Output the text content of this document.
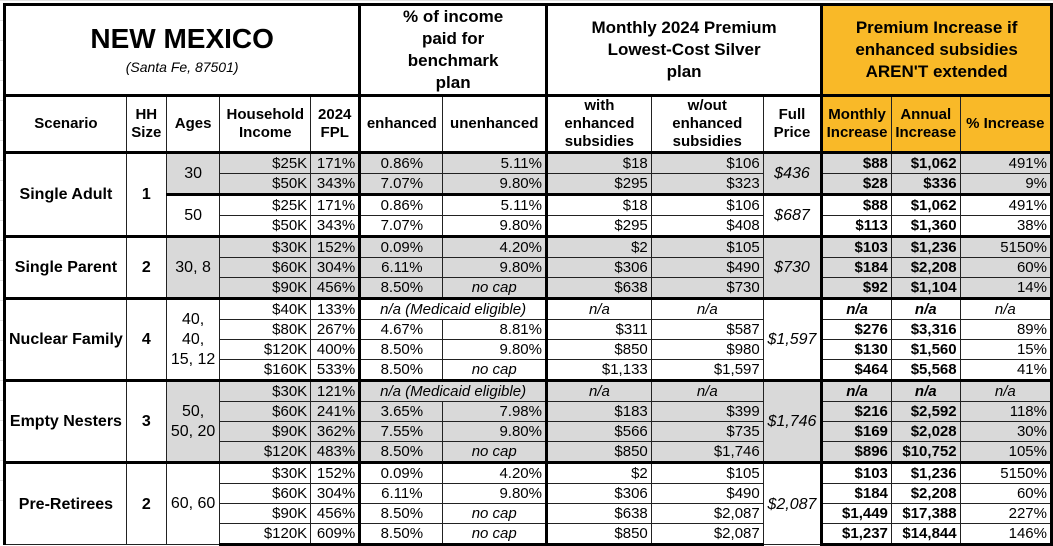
NEW MEXICO
(Santa Fe, 87501)					% of income paid for benchmark plan		Monthly 2024 Premium Lowest-Cost Silver plan			Premium Increase if enhanced subsidies AREN'T extended		
Scenario	HH Size	Ages	Household Income	2024 FPL	enhanced	unenhanced	with enhanced subsidies	w/out enhanced subsidies	Full Price	Monthly Increase	Annual Increase	% Increase
Single Adult	1	30	$25K	171%	0.86%	5.11%	$18	$106	$436	$88	$1,062	491%
			$50K	343%	7.07%	9.80%	$295	$323		$28	$336	9%
		50	$25K	171%	0.86%	5.11%	$18	$106	$687	$88	$1,062	491%
			$50K	343%	7.07%	9.80%	$295	$408		$113	$1,360	38%
Single Parent	2	30, 8	$30K	152%	0.09%	4.20%	$2	$105	$730	$103	$1,236	5150%
			$60K	304%	6.11%	9.80%	$306	$490		$184	$2,208	60%
			$90K	456%	8.50%	no cap	$638	$730		$92	$1,104	14%
Nuclear Family	4	40, 40, 15, 12	$40K	133%	n/a (Medicaid eligible)		n/a	n/a	$1,597	n/a	n/a	n/a
			$80K	267%	4.67%	8.81%	$311	$587		$276	$3,316	89%
			$120K	400%	8.50%	9.80%	$850	$980		$130	$1,560	15%
			$160K	533%	8.50%	no cap	$1,133	$1,597		$464	$5,568	41%
Empty Nesters	3	50, 50, 20	$30K	121%	n/a (Medicaid eligible)		n/a	n/a	$1,746	n/a	n/a	n/a
			$60K	241%	3.65%	7.98%	$183	$399		$216	$2,592	118%
			$90K	362%	7.55%	9.80%	$566	$735		$169	$2,028	30%
			$120K	483%	8.50%	no cap	$850	$1,746		$896	$10,752	105%
Pre-Retirees	2	60, 60	$30K	152%	0.09%	4.20%	$2	$105	$2,087	$103	$1,236	5150%
			$60K	304%	6.11%	9.80%	$306	$490		$184	$2,208	60%
			$90K	456%	8.50%	no cap	$638	$2,087		$1,449	$17,388	227%
			$120K	609%	8.50%	no cap	$850	$2,087		$1,237	$14,844	146%
